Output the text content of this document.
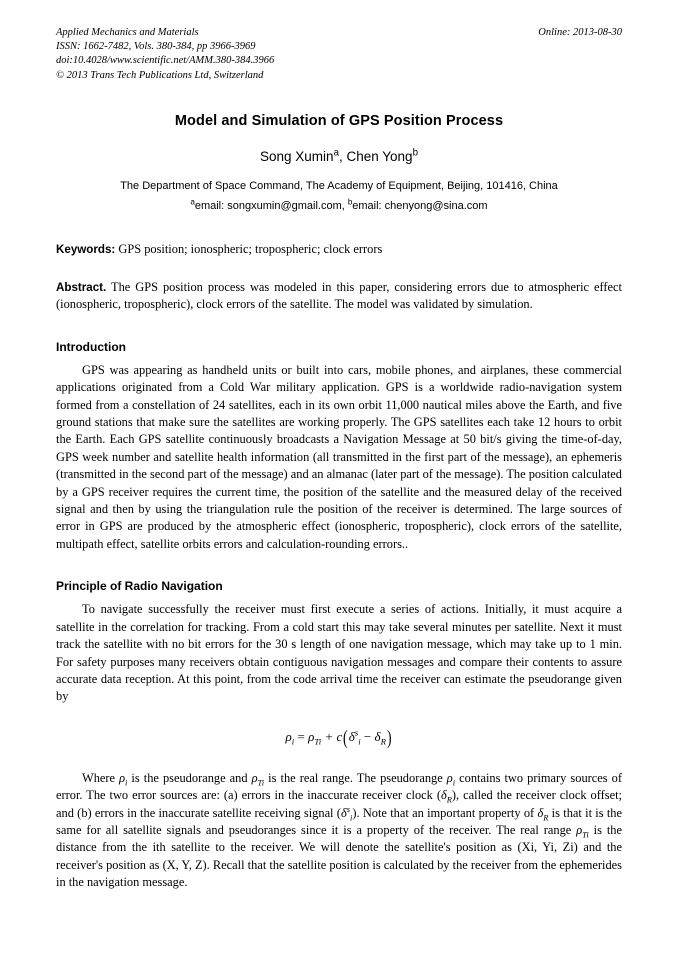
Applied Mechanics and Materials
ISSN: 1662-7482, Vols. 380-384, pp 3966-3969
doi:10.4028/www.scientific.net/AMM.380-384.3966
© 2013 Trans Tech Publications Ltd, Switzerland
Online: 2013-08-30
Model and Simulation of GPS Position Process
Song Xumin$^a$, Chen Yong$^b$
The Department of Space Command, The Academy of Equipment, Beijing, 101416, China
$^a$email: songxumin@gmail.com, $^b$email: chenyong@sina.com
Keywords: GPS position; ionospheric; tropospheric; clock errors
Abstract. The GPS position process was modeled in this paper, considering errors due to atmospheric effect (ionospheric, tropospheric), clock errors of the satellite. The model was validated by simulation.
Introduction

GPS was appearing as handheld units or built into cars, mobile phones, and airplanes, these commercial applications originated from a Cold War military application. GPS is a worldwide radio-navigation system formed from a constellation of 24 satellites, each in its own orbit 11,000 nautical miles above the Earth, and five ground stations that make sure the satellites are working properly. The GPS satellites each take 12 hours to orbit the Earth. Each GPS satellite continuously broadcasts a Navigation Message at 50 bit/s giving the time-of-day, GPS week number and satellite health information (all transmitted in the first part of the message), an ephemeris (transmitted in the second part of the message) and an almanac (later part of the message). The position calculated by a GPS receiver requires the current time, the position of the satellite and the measured delay of the received signal and then by using the triangulation rule the position of the receiver is determined. The large sources of error in GPS are produced by the atmospheric effect (ionospheric, tropospheric), clock errors of the satellite, multipath effect, satellite orbits errors and calculation-rounding errors..

Principle of Radio Navigation

To navigate successfully the receiver must first execute a series of actions. Initially, it must acquire a satellite in the correlation for tracking. From a cold start this may take several minutes per satellite. Next it must track the satellite with no bit errors for the 30 s length of one navigation message, which may take up to 1 min. For safety purposes many receivers obtain contiguous navigation messages and compare their contents to assure accurate data reception. At this point, from the code arrival time the receiver can estimate the pseudorange given by

$\rho_i = \rho_{Ti} + c(\delta^s_i - \delta_R)$

Where $\rho_i$ is the pseudorange and $\rho_{Ti}$ is the real range. The pseudorange $\rho_i$ contains two primary sources of error. The two error sources are: (a) errors in the inaccurate receiver clock $(\delta_R)$, called the receiver clock offset; and (b) errors in the inaccurate satellite receiving signal $(\delta^s_i)$. Note that an important property of $\delta_R$ is that it is the same for all satellite signals and pseudoranges since it is a property of the receiver. The real range $\rho_{Ti}$ is the distance from the ith satellite to the receiver. We will denote the satellite's position as (Xi, Yi, Zi) and the receiver's position as (X, Y, Z). Recall that the satellite position is calculated by the receiver from the ephemerides in the navigation message.
